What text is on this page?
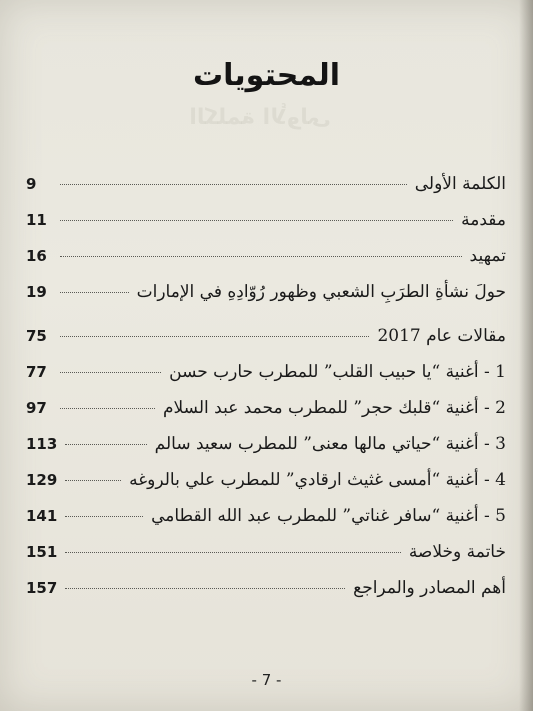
الكلمة الأولى
المحتويات
الكلمة الأولى
9
مقدمة
11
تمهيد
16
حولَ نشأةِ الطرَبِ الشعبي وظهور رُوّادِهِ في الإمارات
19
مقالات عام 2017
75
1 - أغنية “يا حبيب القلب” للمطرب حارب حسن
77
2 - أغنية “قلبك حجر” للمطرب محمد عبد السلام
97
3 - أغنية “حياتي مالها معنى” للمطرب سعيد سالم
113
4 - أغنية “أمسى غثيث ارقادي” للمطرب علي بالروغه
129
5 - أغنية “سافر غناتي” للمطرب عبد الله القطامي
141
خاتمة وخلاصة
151
أهم المصادر والمراجع
157
- 7 -
